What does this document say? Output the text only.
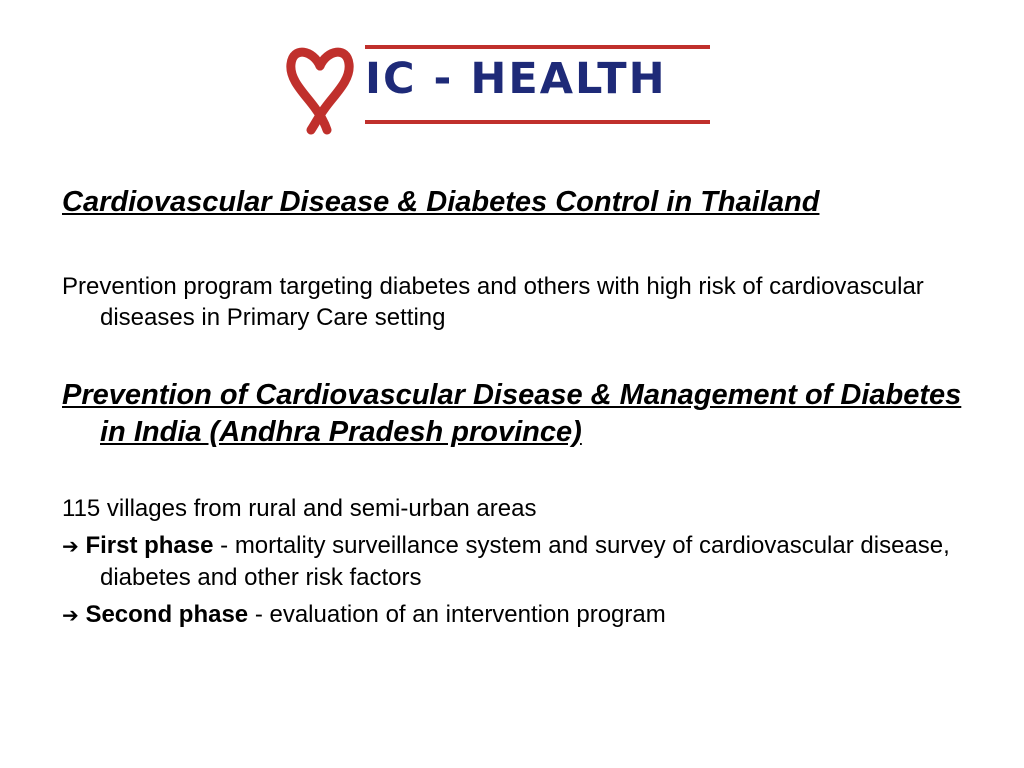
IC - HEALTH

Cardiovascular Disease & Diabetes Control in Thailand

Prevention program targeting diabetes and others with high risk of cardiovascular diseases in Primary Care setting

Prevention of Cardiovascular Disease & Management of Diabetes in India (Andhra Pradesh province)

115 villages from rural and semi-urban areas

➔ First phase - mortality surveillance system and survey of cardiovascular disease, diabetes and other risk factors

➔ Second phase - evaluation of an intervention program
